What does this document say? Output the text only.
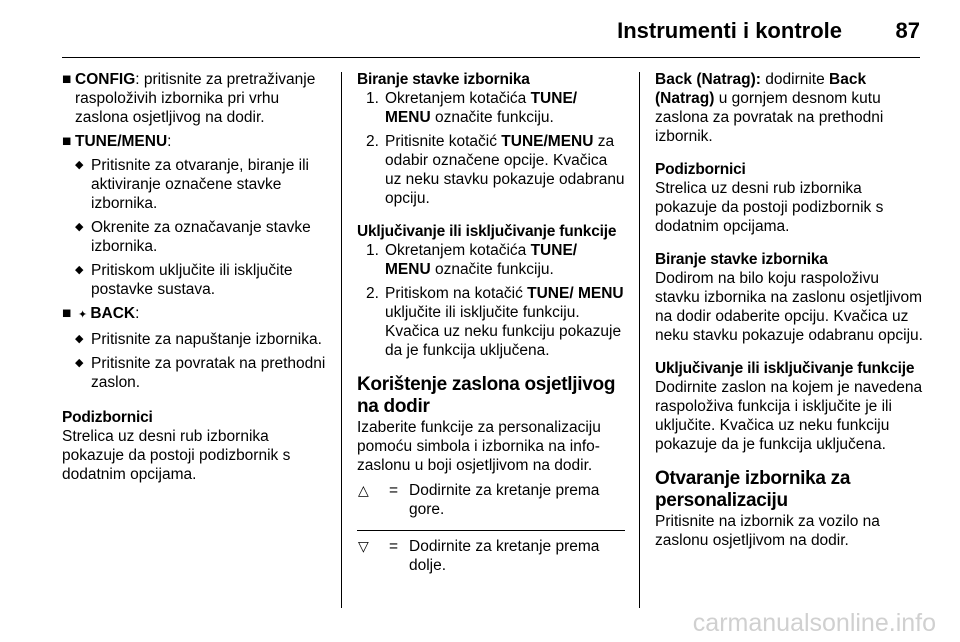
Instrumenti i kontrole 87
■ CONFIG: pritisnite za pretraživanje raspoloživih izbornika pri vrhu zaslona osjetljivog na dodir.
■ TUNE/MENU:
◆ Pritisnite za otvaranje, biranje ili aktiviranje označene stavke izbornika.
◆ Okrenite za označavanje stavke izbornika.
◆ Pritiskom uključite ili isključite postavke sustava.
■ ✦ BACK:
◆ Pritisnite za napuštanje izbornika.
◆ Pritisnite za povratak na prethodni zaslon.
Podizbornici

Strelica uz desni rub izbornika pokazuje da postoji podizbornik s dodatnim opcijama.

Biranje stavke izbornika
1. Okretanjem kotačića TUNE/ MENU označite funkciju.
2. Pritisnite kotačić TUNE/MENU za odabir označene opcije. Kvačica uz neku stavku pokazuje odabranu opciju.
Uključivanje ili isključivanje funkcije
1. Okretanjem kotačića TUNE/ MENU označite funkciju.
2. Pritiskom na kotačić TUNE/ MENU uključite ili isključite funkciju. Kvačica uz neku funkciju pokazuje da je funkcija uključena.
Korištenje zaslona osjetljivog na dodir

Izaberite funkcije za personalizaciju pomoću simbola i izbornika na info-zaslonu u boji osjetljivom na dodir.

△ = Dodirnite za kretanje prema gore.
▽ = Dodirnite za kretanje prema dolje.

Back (Natrag): dodirnite Back (Natrag) u gornjem desnom kutu zaslona za povratak na prethodni izbornik.

Podizbornici

Strelica uz desni rub izbornika pokazuje da postoji podizbornik s dodatnim opcijama.

Biranje stavke izbornika

Dodirom na bilo koju raspoloživu stavku izbornika na zaslonu osjetljivom na dodir odaberite opciju. Kvačica uz neku stavku pokazuje odabranu opciju.

Uključivanje ili isključivanje funkcije

Dodirnite zaslon na kojem je navedena raspoloživa funkcija i isključite je ili uključite. Kvačica uz neku funkciju pokazuje da je funkcija uključena.

Otvaranje izbornika za personalizaciju

Pritisnite na izbornik za vozilo na zaslonu osjetljivom na dodir.

carmanualsonline.info
